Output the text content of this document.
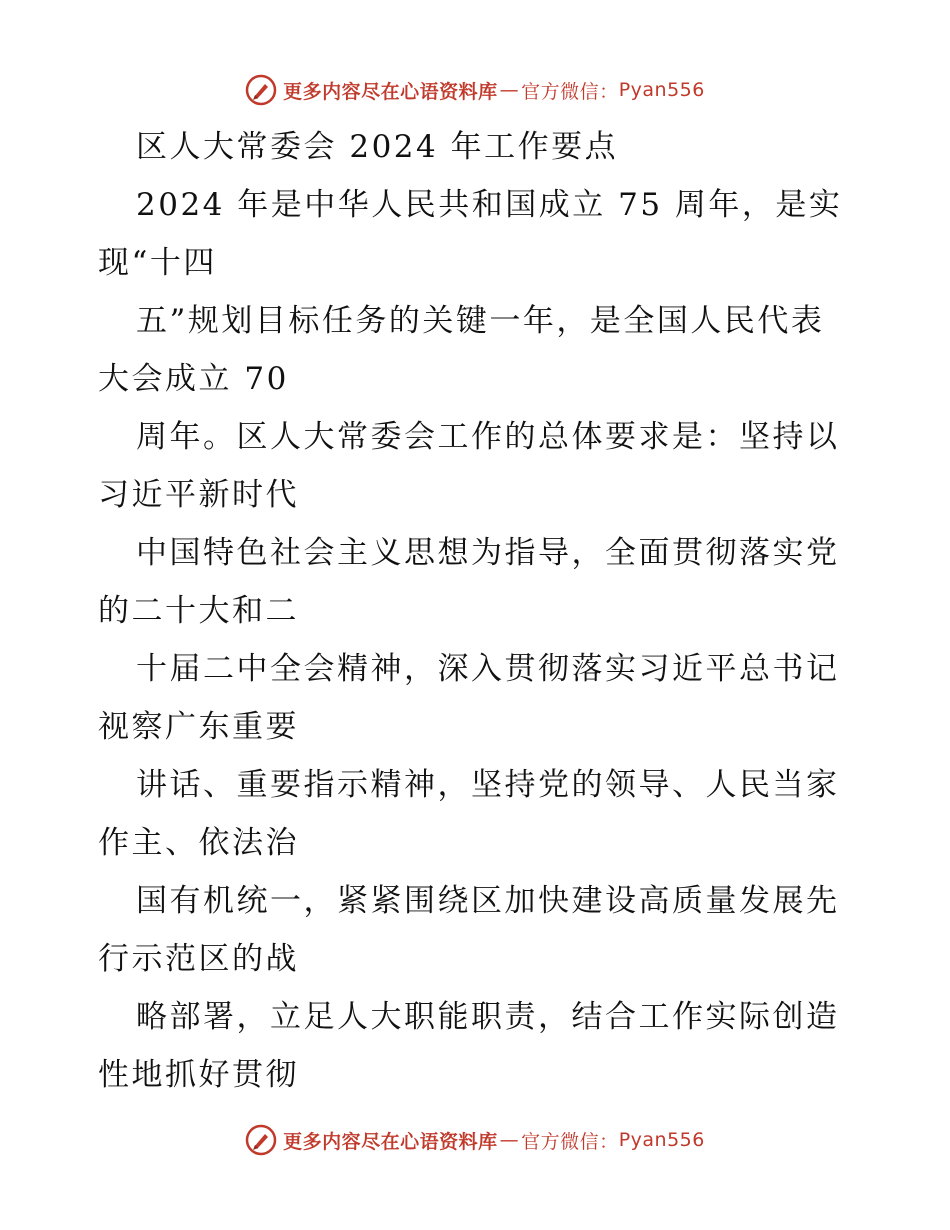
更多内容尽在心语资料库 — 官方微信： Pyan556
区人大常委会 2024 年工作要点
2024 年是中华人民共和国成立 75 周年，是实
现“十四
五”规划目标任务的关键一年，是全国人民代表
大会成立 70
周年。区人大常委会工作的总体要求是：坚持以
习近平新时代
中国特色社会主义思想为指导，全面贯彻落实党
的二十大和二
十届二中全会精神，深入贯彻落实习近平总书记
视察广东重要
讲话、重要指示精神，坚持党的领导、人民当家
作主、依法治
国有机统一，紧紧围绕区加快建设高质量发展先
行示范区的战
略部署，立足人大职能职责，结合工作实际创造
性地抓好贯彻
更多内容尽在心语资料库 — 官方微信： Pyan556
